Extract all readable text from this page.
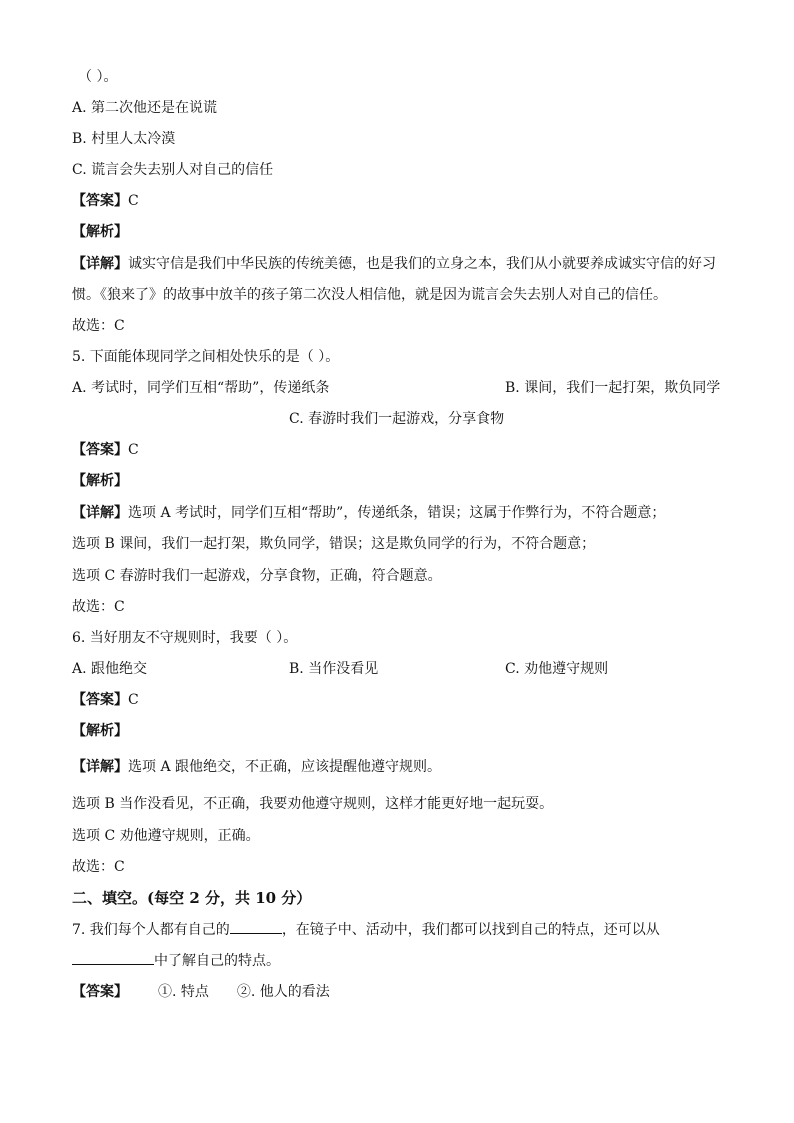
（ ）。
A. 第二次他还是在说谎
B. 村里人太冷漠
C. 谎言会失去别人对自己的信任
【答案】C
【解析】
【详解】诚实守信是我们中华民族的传统美德，也是我们的立身之本，我们从小就要养成诚实守信的好习
惯。《狼来了》的故事中放羊的孩子第二次没人相信他，就是因为谎言会失去别人对自己的信任。
故选：C
5. 下面能体现同学之间相处快乐的是（ ）。
A. 考试时，同学们互相“帮助”，传递纸条	B. 课间，我们一起打架，欺负同学
C. 春游时我们一起游戏，分享食物
【答案】C
【解析】
【详解】选项 A 考试时，同学们互相“帮助”，传递纸条，错误；这属于作弊行为，不符合题意；
选项 B 课间，我们一起打架，欺负同学，错误；这是欺负同学的行为，不符合题意；
选项 C 春游时我们一起游戏，分享食物，正确，符合题意。
故选：C
6. 当好朋友不守规则时，我要（ ）。
A. 跟他绝交	B. 当作没看见	C. 劝他遵守规则
【答案】C
【解析】
【详解】选项 A 跟他绝交，不正确，应该提醒他遵守规则。
选项 B 当作没看见，不正确，我要劝他遵守规则，这样才能更好地一起玩耍。
选项 C 劝他遵守规则，正确。
故选：C
二、填空。(每空 2 分，共 10 分）
7. 我们每个人都有自己的	，在镜子中、活动中，我们都可以找到自己的特点，还可以从
中了解自己的特点。
【答案】 ①. 特点 ②. 他人的看法
